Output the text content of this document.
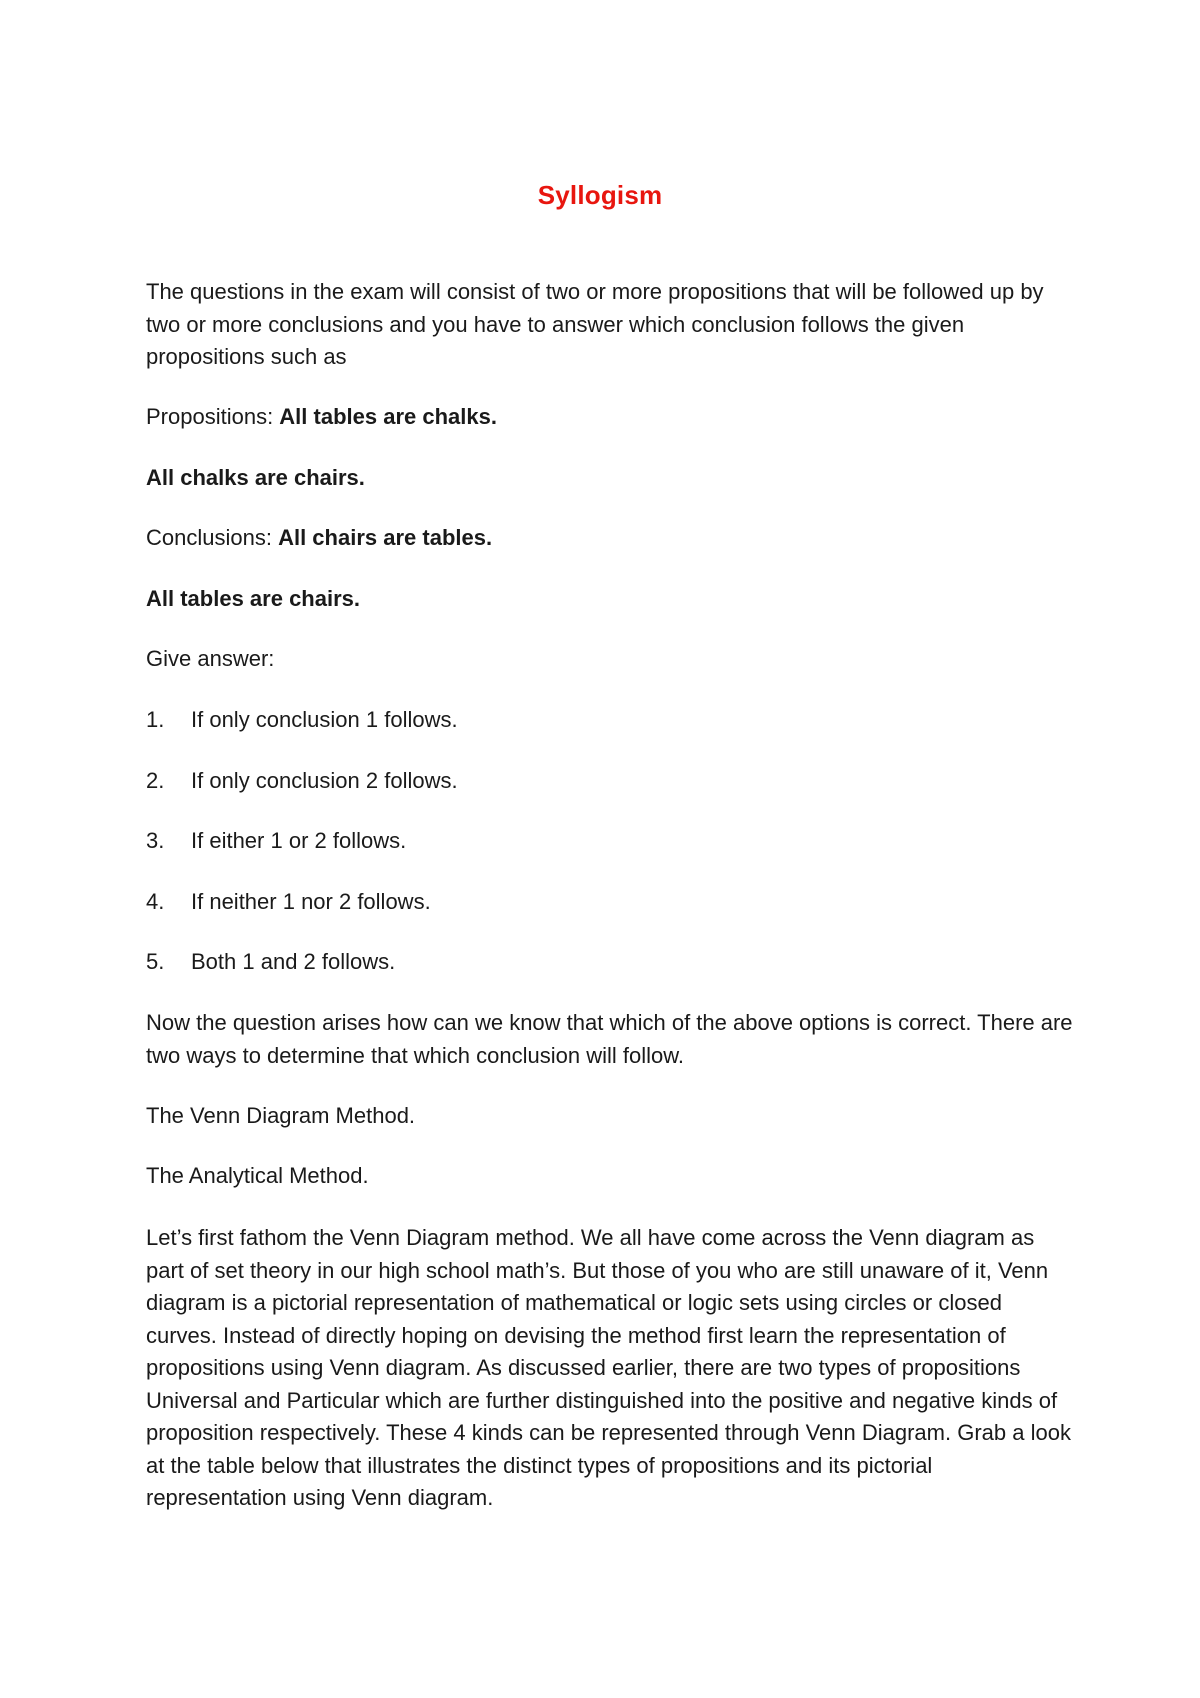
Syllogism
The questions in the exam will consist of two or more propositions that will be followed up by two or more conclusions and you have to answer which conclusion follows the given propositions such as
Propositions: All tables are chalks.
All chalks are chairs.
Conclusions: All chairs are tables.
All tables are chairs.
Give answer:
1. If only conclusion 1 follows.
2. If only conclusion 2 follows.
3. If either 1 or 2 follows.
4. If neither 1 nor 2 follows.
5. Both 1 and 2 follows.
Now the question arises how can we know that which of the above options is correct. There are two ways to determine that which conclusion will follow.
The Venn Diagram Method.
The Analytical Method.
Let’s first fathom the Venn Diagram method. We all have come across the Venn diagram as part of set theory in our high school math’s. But those of you who are still unaware of it, Venn diagram is a pictorial representation of mathematical or logic sets using circles or closed curves. Instead of directly hoping on devising the method first learn the representation of propositions using Venn diagram. As discussed earlier, there are two types of propositions Universal and Particular which are further distinguished into the positive and negative kinds of proposition respectively. These 4 kinds can be represented through Venn Diagram. Grab a look at the table below that illustrates the distinct types of propositions and its pictorial representation using Venn diagram.
